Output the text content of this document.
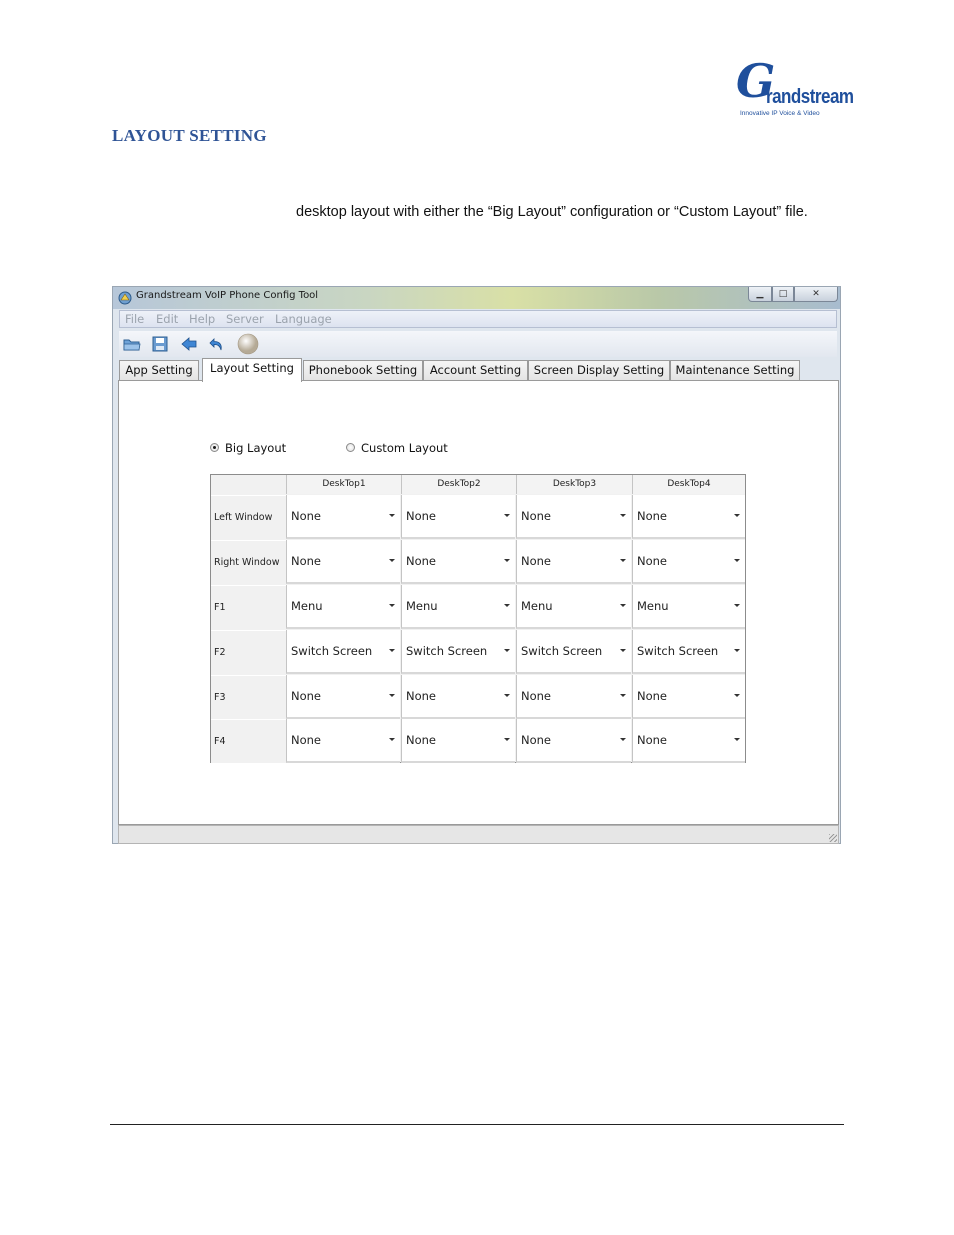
G
randstream
Innovative IP Voice & Video
LAYOUT SETTING
desktop layout with either the “Big Layout” configuration or “Custom Layout” file.
Grandstream VoIP Phone Config Tool	▁	□	✕
File Edit Help Server Language
App Setting	Layout Setting	Phonebook Setting	Account Setting	Screen Display Setting Maintenance Setting
Big Layout	Custom Layout
DeskTop1	DeskTop2	DeskTop3	DeskTop4
Left Window	None	None	None	None
Right Window	None	None	None	None
F1	Menu	Menu	Menu	Menu
F2	Switch Screen	Switch Screen	Switch Screen	Switch Screen
F3	None	None	None	None
F4	None	None	None	None
